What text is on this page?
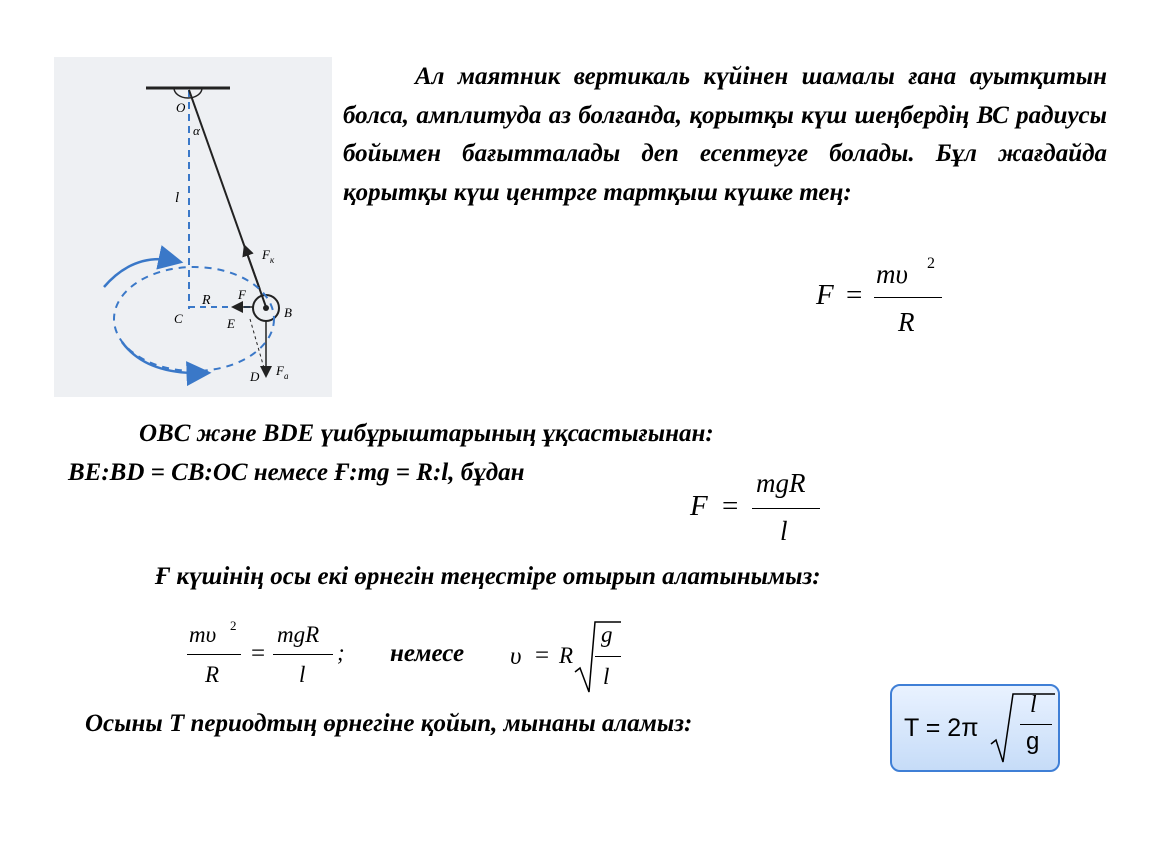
O
α
l
F к
F
R
C	E
B
D F а
Ал маятник вертикаль күйінен шамалы ғана ауытқитын болса, амплитуда аз болғанда, қорытқы күш шеңбердің ВС радиусы бойымен бағытталады деп есептеуге болады. Бұл жағдайда қорытқы күш центрге тартқыш күшке тең:
F =
mυ 2
R
OBC және BDE үшбұрыштарының ұқсастығынан:
BE:BD = CB:OC немесе Ғ:mg = R:l, бұдан
F =
mgR
l
Ғ күшінің осы екі өрнегін теңестіре отырып алатынымыз:
mυ 2
R
=
mgR
l
; немесе υ = R
g
l
Осыны Т периодтың өрнегіне қойып, мынаны аламыз:	T = 2π
l
g
